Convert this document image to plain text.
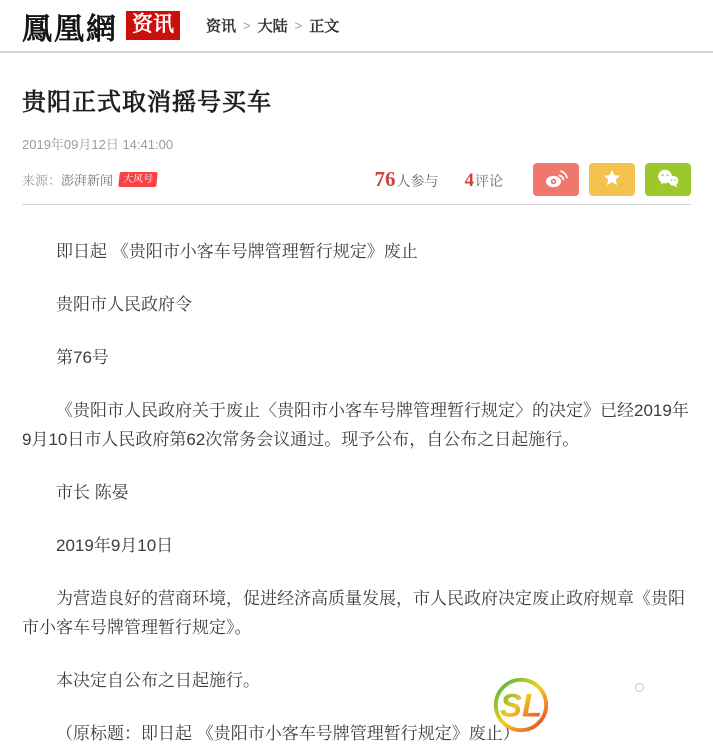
鳳凰網 资讯	资讯 > 大陆 > 正文
贵阳正式取消摇号买车
2019年09月12日 14:41:00
来源： 澎湃新闻 大风号	76 人参与 4 评论

即日起 《贵阳市小客车号牌管理暂行规定》废止

贵阳市人民政府令

第76号

《贵阳市人民政府关于废止〈贵阳市小客车号牌管理暂行规定〉的决定》已经2019年9月10日市人民政府第62次常务会议通过。现予公布，自公布之日起施行。

市长 陈晏

2019年9月10日

为营造良好的营商环境，促进经济高质量发展，市人民政府决定废止政府规章《贵阳市小客车号牌管理暂行规定》。

本决定自公布之日起施行。

（原标题：即日起 《贵阳市小客车号牌管理暂行规定》废止）

SL
